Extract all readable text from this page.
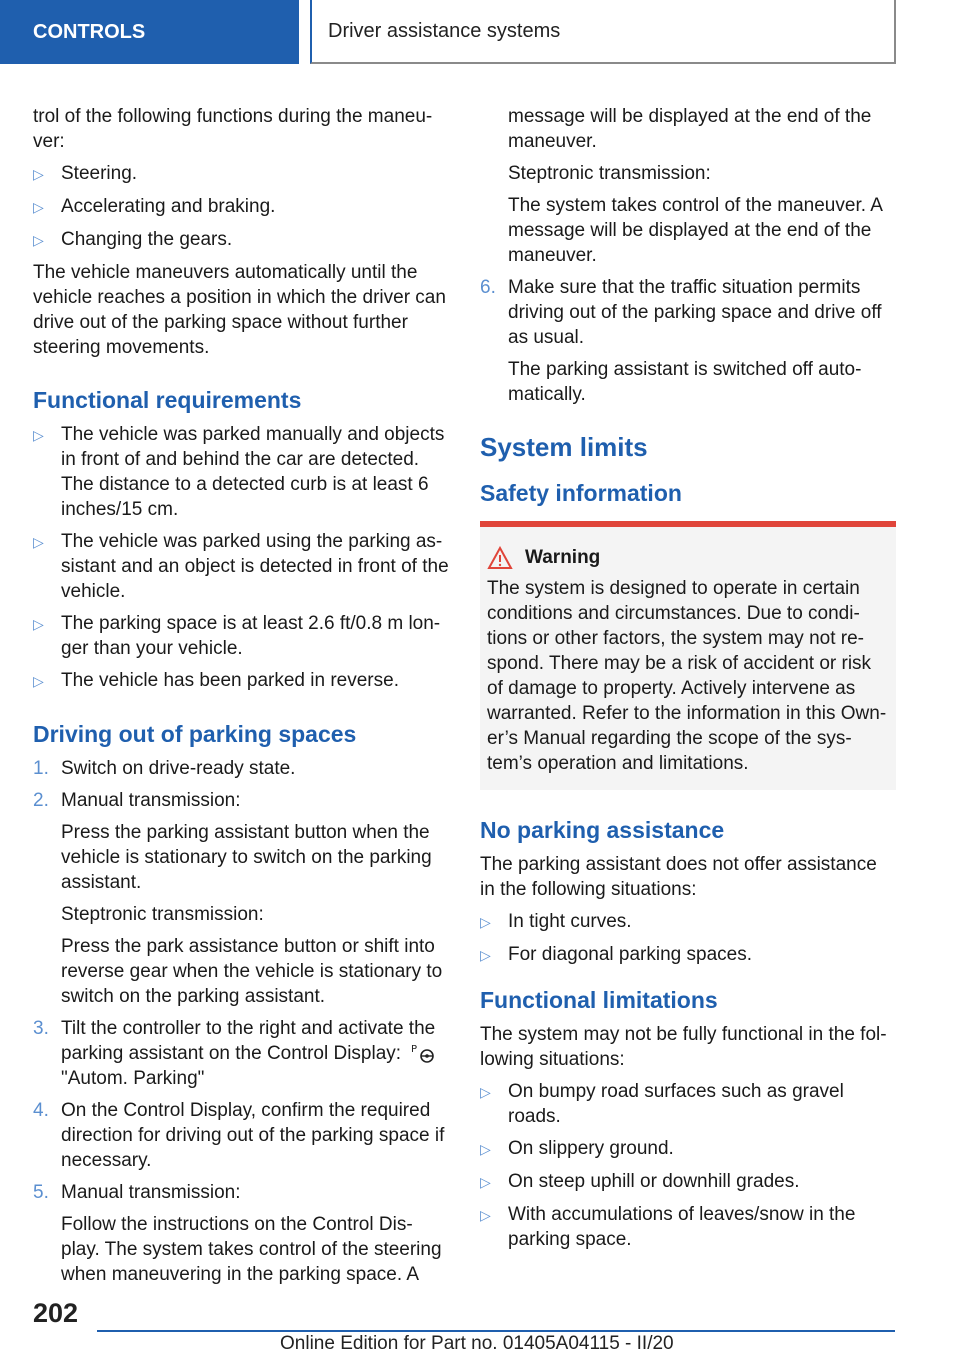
CONTROLS	Driver assistance systems

trol of the following functions during the maneu‐ver:

▷ Steering.
▷ Accelerating and braking.
▷ Changing the gears.

The vehicle maneuvers automatically until the vehicle reaches a position in which the driver can drive out of the parking space without further steering movements.

Functional requirements
▷ The vehicle was parked manually and objects in front of and behind the car are detected. The distance to a detected curb is at least 6 inches/15 cm.
▷ The vehicle was parked using the parking as‐sistant and an object is detected in front of the vehicle.
▷ The parking space is at least 2.6 ft/0.8 m lon‐ger than your vehicle.
▷ The vehicle has been parked in reverse.
Driving out of parking spaces
1. Switch on drive-ready state.
2. Manual transmission:

Press the parking assistant button when the vehicle is stationary to switch on the parking assistant.

Steptronic transmission:

Press the park assistance button or shift into reverse gear when the vehicle is stationary to switch on the parking assistant.

3. Tilt the controller to the right and activate the parking assistant on the Control Display: P

"Autom. Parking"
4. On the Control Display, confirm the required direction for driving out of the parking space if necessary.
5. Manual transmission:

Follow the instructions on the Control Dis‐play. The system takes control of the steering when maneuvering in the parking space. A

message will be displayed at the end of the maneuver.

Steptronic transmission:

The system takes control of the maneuver. A message will be displayed at the end of the maneuver.

6. Make sure that the traffic situation permits driving out of the parking space and drive off as usual.

The parking assistant is switched off auto‐matically.

System limits
Safety information
Warning
The system is designed to operate in certain conditions and circumstances. Due to condi‐tions or other factors, the system may not re‐spond. There may be a risk of accident or risk of damage to property. Actively intervene as warranted. Refer to the information in this Own‐er’s Manual regarding the scope of the sys‐tem’s operation and limitations.
No parking assistance

The parking assistant does not offer assistance in the following situations:

▷ In tight curves.
▷ For diagonal parking spaces.
Functional limitations

The system may not be fully functional in the fol‐lowing situations:

▷ On bumpy road surfaces such as gravel roads.
▷ On slippery ground.
▷ On steep uphill or downhill grades.
▷ With accumulations of leaves/snow in the parking space.
202
Online Edition for Part no. 01405A04115 - II/20
